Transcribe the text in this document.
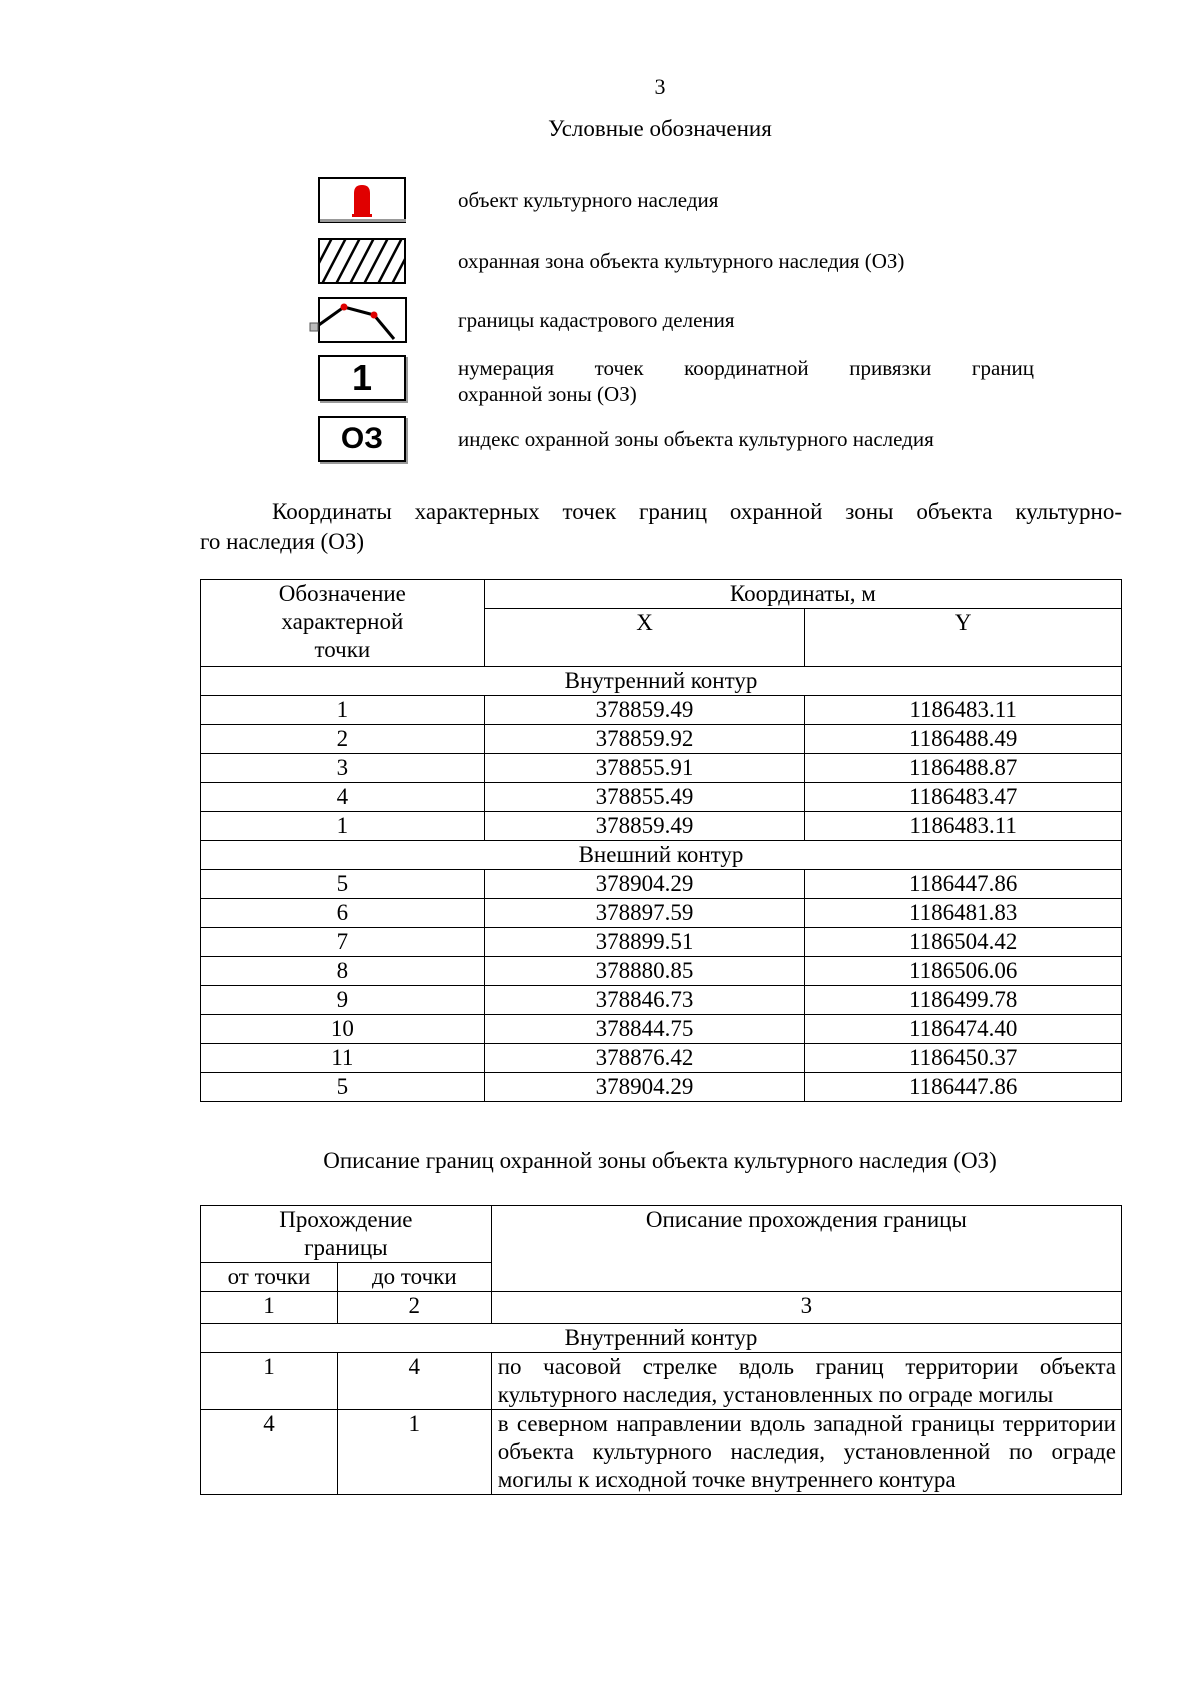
3
Условные обозначения
объект культурного наследия
охранная зона объекта культурного наследия (ОЗ)
границы кадастрового деления
1	нумерация точек координатной привязки границ
охранной зоны (ОЗ)
ОЗ	индекс охранной зоны объекта культурного наследия
Координаты характерных точек границ охранной зоны объекта культурно-
го наследия (ОЗ)
Обозначение
характерной
точки	Координаты, м	
	X	Y
Внутренний контур		
1	378859.49	1186483.11
2	378859.92	1186488.49
3	378855.91	1186488.87
4	378855.49	1186483.47
1	378859.49	1186483.11
Внешний контур		
5	378904.29	1186447.86
6	378897.59	1186481.83
7	378899.51	1186504.42
8	378880.85	1186506.06
9	378846.73	1186499.78
10	378844.75	1186474.40
11	378876.42	1186450.37
5	378904.29	1186447.86
Описание границ охранной зоны объекта культурного наследия (ОЗ)
Прохождение
границы		Описание прохождения границы
от точки	до точки	
1	2	3
Внутренний контур		
1	4	по часовой стрелке вдоль границ территории объекта культурного наследия, установленных по ограде могилы
4	1	в северном направлении вдоль западной границы территории объекта культурного наследия, установленной по ограде могилы к исходной точке внутреннего контура
